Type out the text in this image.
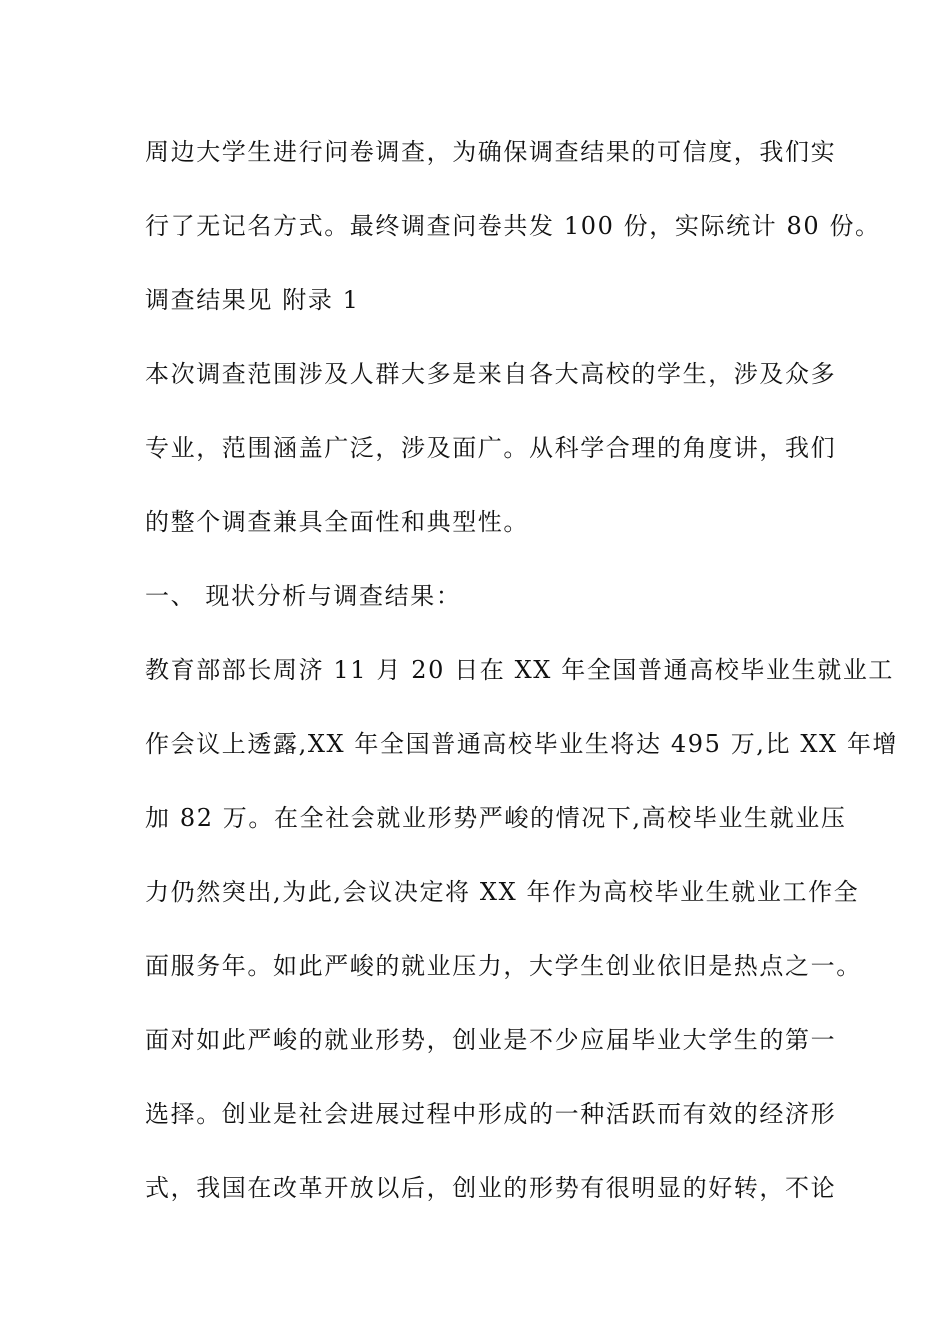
周边大学生进行问卷调查，为确保调查结果的可信度，我们实
行了无记名方式。最终调查问卷共发 100 份，实际统计 80 份。
调查结果见 附录 1
本次调查范围涉及人群大多是来自各大高校的学生，涉及众多
专业，范围涵盖广泛，涉及面广。从科学合理的角度讲，我们
的整个调查兼具全面性和典型性。
一、 现状分析与调查结果：
教育部部长周济 11 月 20 日在 XX 年全国普通高校毕业生就业工
作会议上透露,XX 年全国普通高校毕业生将达 495 万,比 XX 年增
加 82 万。在全社会就业形势严峻的情况下,高校毕业生就业压
力仍然突出,为此,会议决定将 XX 年作为高校毕业生就业工作全
面服务年。如此严峻的就业压力，大学生创业依旧是热点之一。
面对如此严峻的就业形势，创业是不少应届毕业大学生的第一
选择。创业是社会进展过程中形成的一种活跃而有效的经济形
式，我国在改革开放以后，创业的形势有很明显的好转，不论
